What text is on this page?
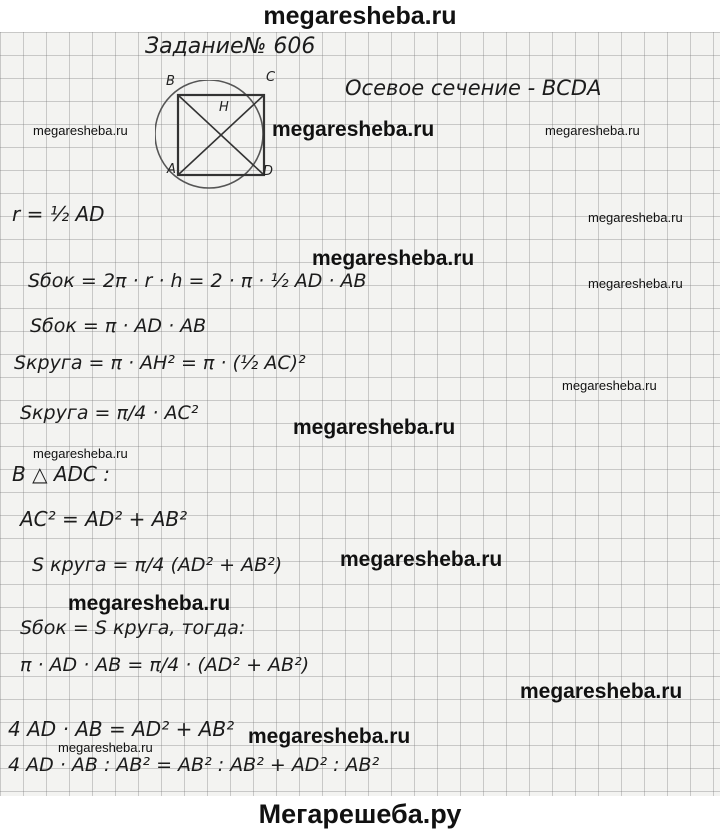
megaresheba.ru
Задание№ 606
B	C
H
A	D
Осевое сечение - BCDA
r = ½ AD
Sбок = 2π · r · h = 2 · π · ½ AD · AB
Sбок = π · AD · AB
Sкруга = π · AH² = π · (½ AC)²
Sкруга = π/4 · AC²
В △ ADC :
AC² = AD² + AB²
S круга = π/4 (AD² + AB²)
Sбок = S круга, тогда:
π · AD · AB = π/4 · (AD² + AB²)
4 AD · AB = AD² + AB²
4 AD · AB : AB² = AB² : AB² + AD² : AB²
megaresheba.ru	megaresheba.ru	megaresheba.ru
megaresheba.ru
megaresheba.ru
megaresheba.ru
megaresheba.ru
megaresheba.ru
megaresheba.ru
megaresheba.ru
megaresheba.ru
megaresheba.ru
megaresheba.ru	megaresheba.ru
Мегарешеба.ру
